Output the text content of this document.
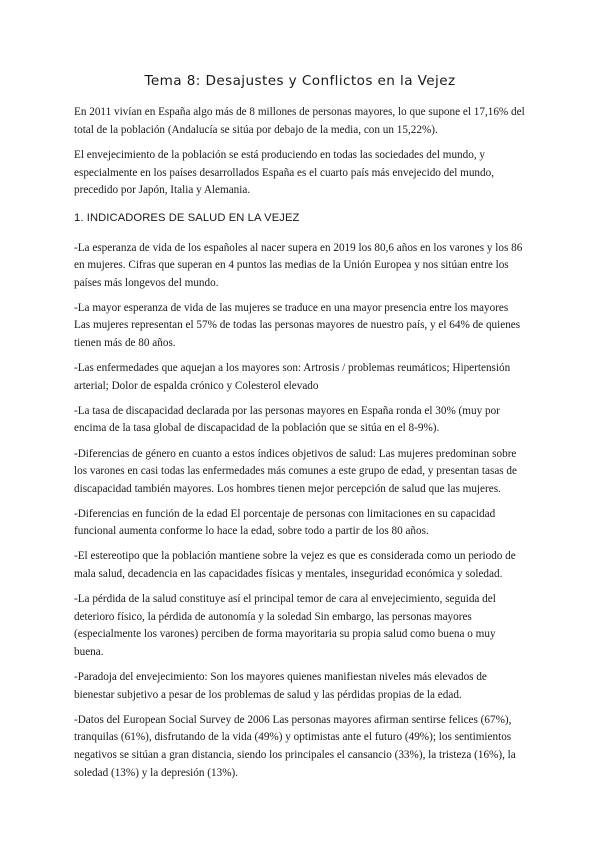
Tema 8: Desajustes y Conflictos en la Vejez

En 2011 vivían en España algo más de 8 millones de personas mayores, lo que supone el 17,16% del total de la población (Andalucía se sitúa por debajo de la media, con un 15,22%).

El envejecimiento de la población se está produciendo en todas las sociedades del mundo, y especialmente en los países desarrollados España es el cuarto país más envejecido del mundo, precedido por Japón, Italia y Alemania.

1. INDICADORES DE SALUD EN LA VEJEZ

-La esperanza de vida de los españoles al nacer supera en 2019 los 80,6 años en los varones y los 86 en mujeres. Cifras que superan en 4 puntos las medias de la Unión Europea y nos sitúan entre los países más longevos del mundo.

-La mayor esperanza de vida de las mujeres se traduce en una mayor presencia entre los mayores Las mujeres representan el 57% de todas las personas mayores de nuestro país, y el 64% de quienes tienen más de 80 años.

-Las enfermedades que aquejan a los mayores son: Artrosis / problemas reumáticos; Hipertensión arterial; Dolor de espalda crónico y Colesterol elevado

-La tasa de discapacidad declarada por las personas mayores en España ronda el 30% (muy por encima de la tasa global de discapacidad de la población que se sitúa en el 8-9%).

-Diferencias de género en cuanto a estos índices objetivos de salud: Las mujeres predominan sobre los varones en casi todas las enfermedades más comunes a este grupo de edad, y presentan tasas de discapacidad también mayores. Los hombres tienen mejor percepción de salud que las mujeres.

-Diferencias en función de la edad El porcentaje de personas con limitaciones en su capacidad funcional aumenta conforme lo hace la edad, sobre todo a partir de los 80 años.

-El estereotipo que la población mantiene sobre la vejez es que es considerada como un periodo de mala salud, decadencia en las capacidades físicas y mentales, inseguridad económica y soledad.

-La pérdida de la salud constituye así el principal temor de cara al envejecimiento, seguida del deterioro físico, la pérdida de autonomía y la soledad Sin embargo, las personas mayores (especialmente los varones) perciben de forma mayoritaria su propia salud como buena o muy buena.

-Paradoja del envejecimiento: Son los mayores quienes manifiestan niveles más elevados de bienestar subjetivo a pesar de los problemas de salud y las pérdidas propias de la edad.

-Datos del European Social Survey de 2006 Las personas mayores afirman sentirse felices (67%), tranquilas (61%), disfrutando de la vida (49%) y optimistas ante el futuro (49%); los sentimientos negativos se sitúan a gran distancia, siendo los principales el cansancio (33%), la tristeza (16%), la soledad (13%) y la depresión (13%).
